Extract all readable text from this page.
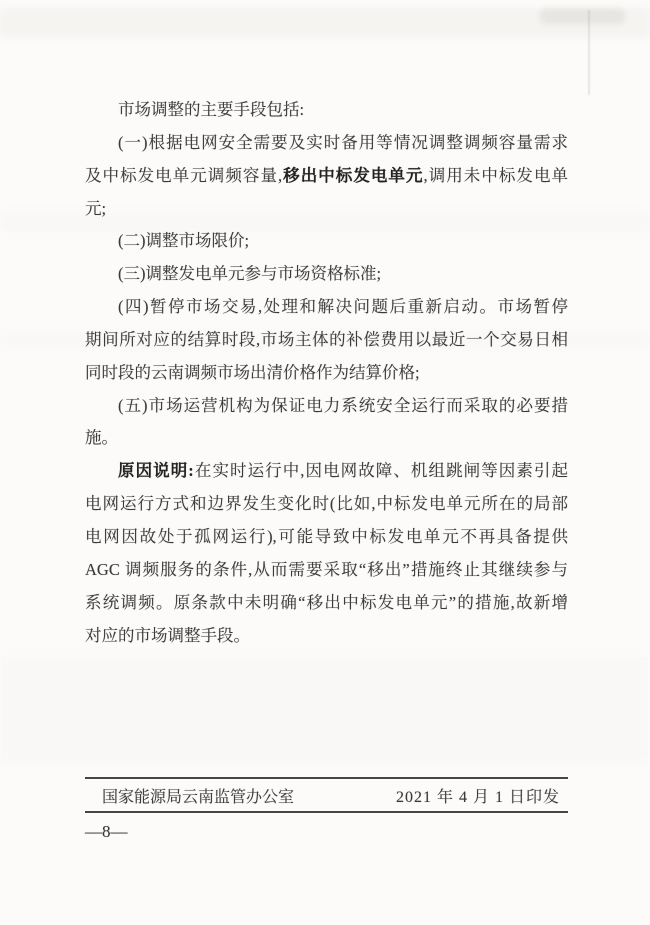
市场调整的主要手段包括:
(一)根据电网安全需要及实时备用等情况调整调频容量需求
及中标发电单元调频容量,移出中标发电单元,调用未中标发电单
元;
(二)调整市场限价;
(三)调整发电单元参与市场资格标准;
(四)暂停市场交易,处理和解决问题后重新启动。市场暂停
期间所对应的结算时段,市场主体的补偿费用以最近一个交易日相
同时段的云南调频市场出清价格作为结算价格;
(五)市场运营机构为保证电力系统安全运行而采取的必要措
施。
原因说明:在实时运行中,因电网故障、机组跳闸等因素引起
电网运行方式和边界发生变化时(比如,中标发电单元所在的局部
电网因故处于孤网运行),可能导致中标发电单元不再具备提供
AGC 调频服务的条件,从而需要采取“移出”措施终止其继续参与
系统调频。原条款中未明确“移出中标发电单元”的措施,故新增
对应的市场调整手段。
国家能源局云南监管办公室	2021 年 4 月 1 日印发
—8—
